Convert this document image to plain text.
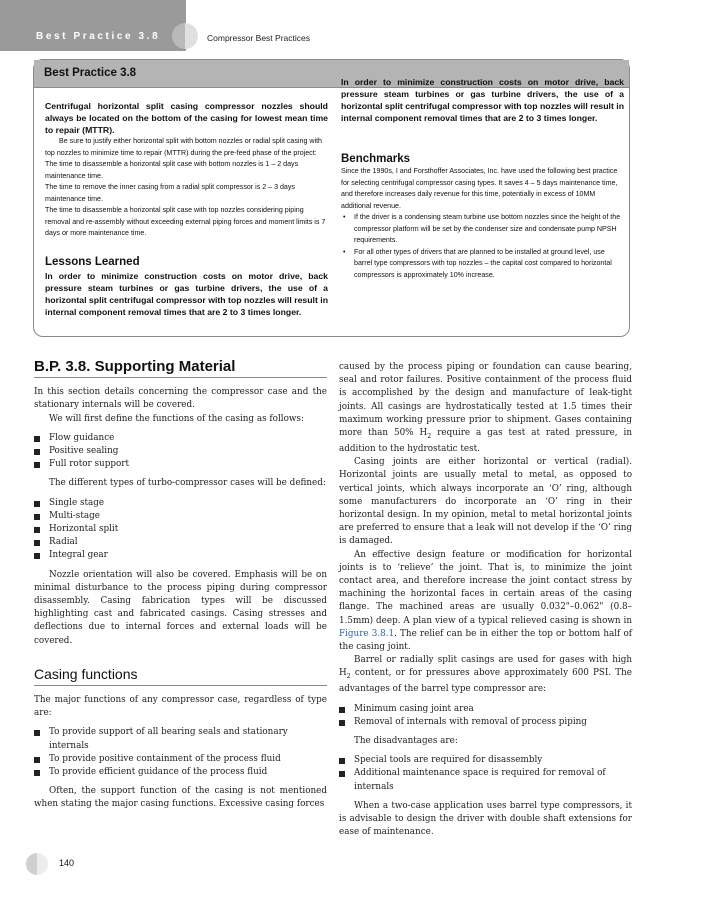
Best Practice 3.8	Compressor Best Practices
Best Practice 3.8

Centrifugal horizontal split casing compressor nozzles should always be located on the bottom of the casing for lowest mean time to repair (MTTR).

Be sure to justify either horizontal split with bottom nozzles or radial split casing with top nozzles to minimize time to repair (MTTR) during the pre-feed phase of the project:

The time to disassemble a horizontal split case with bottom nozzles is 1 – 2 days maintenance time.

The time to remove the inner casing from a radial split compressor is 2 – 3 days maintenance time.

The time to disassemble a horizontal split case with top nozzles considering piping removal and re-assembly without exceeding external piping forces and moment limits is 7 days or more maintenance time.

Lessons Learned

In order to minimize construction costs on motor drive, back pressure steam turbines or gas turbine drivers, the use of a horizontal split centrifugal compressor with top nozzles will result in internal component removal times that are 2 to 3 times longer.

In order to minimize construction costs on motor drive, back pressure steam turbines or gas turbine drivers, the use of a horizontal split centrifugal compressor with top nozzles will result in internal component removal times that are 2 to 3 times longer.

Benchmarks

Since the 1990s, I and Forsthoffer Associates, Inc. have used the following best practice for selecting centrifugal compressor casing types. It saves 4 – 5 days maintenance time, and therefore increases daily revenue for this time, potentially in excess of 10MM additional revenue.

• If the driver is a condensing steam turbine use bottom nozzles since the height of the compressor platform will be set by the condenser size and condensate pump NPSH requirements.
• For all other types of drivers that are planned to be installed at ground level, use barrel type compressors with top nozzles – the capital cost compared to horizontal compressors is approximately 10% increase.
B.P. 3.8. Supporting Material

In this section details concerning the compressor case and the stationary internals will be covered.

We will first define the functions of the casing as follows:

Flow guidance
Positive sealing
Full rotor support

The different types of turbo-compressor cases will be defined:

Single stage
Multi-stage
Horizontal split
Radial
Integral gear

Nozzle orientation will also be covered. Emphasis will be on minimal disturbance to the process piping during compressor disassembly. Casing fabrication types will be discussed highlighting cast and fabricated casings. Casing stresses and deflections due to internal forces and external loads will be covered.

Casing functions

The major functions of any compressor case, regardless of type are:

To provide support of all bearing seals and stationary internals
To provide positive containment of the process fluid
To provide efficient guidance of the process fluid

Often, the support function of the casing is not mentioned when stating the major casing functions. Excessive casing forces

caused by the process piping or foundation can cause bearing, seal and rotor failures. Positive containment of the process fluid is accomplished by the design and manufacture of leak-tight joints. All casings are hydrostatically tested at 1.5 times their maximum working pressure prior to shipment. Gases containing more than 50% $H_2$ require a gas test at rated pressure, in addition to the hydrostatic test.

Casing joints are either horizontal or vertical (radial). Horizontal joints are usually metal to metal, as opposed to vertical joints, which always incorporate an ‘O’ ring, although some manufacturers do incorporate an ‘O’ ring in their horizontal design. In my opinion, metal to metal horizontal joints are preferred to ensure that a leak will not develop if the ‘O’ ring is damaged.

An effective design feature or modification for horizontal joints is to ‘relieve’ the joint. That is, to minimize the joint contact area, and therefore increase the joint contact stress by machining the horizontal faces in certain areas of the casing flange. The machined areas are usually 0.032"–0.062" (0.8–1.5mm) deep. A plan view of a typical relieved casing is shown in Figure 3.8.1. The relief can be in either the top or bottom half of the casing joint.

Barrel or radially split casings are used for gases with high $H_2$ content, or for pressures above approximately 600 PSI. The advantages of the barrel type compressor are:

Minimum casing joint area
Removal of internals with removal of process piping

The disadvantages are:

Special tools are required for disassembly
Additional maintenance space is required for removal of internals

When a two-case application uses barrel type compressors, it is advisable to design the driver with double shaft extensions for ease of maintenance.

140
